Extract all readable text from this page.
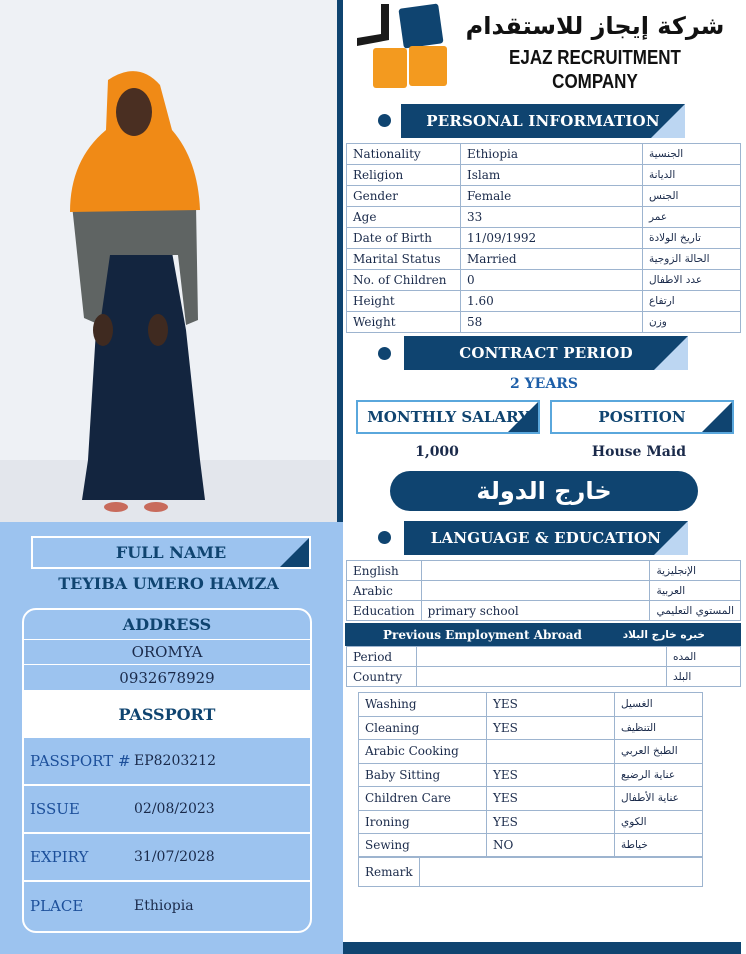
FULL NAME
TEYIBA UMERO HAMZA
ADDRESS
OROMYA
0932678929
PASSPORT
PASSPORT # EP8203212
ISSUE	02/08/2023
EXPIRY	31/07/2028
PLACE	Ethiopia
شركة إيجاز للاستقدام
EJAZ RECRUITMENT COMPANY
PERSONAL INFORMATION
Nationality	Ethiopia	الجنسية
Religion	Islam	الديانة
Gender	Female	الجنس
Age	33	عمر
Date of Birth	11/09/1992	تاريخ الولادة
Marital Status	Married	الحالة الزوجية
No. of Children	0	عدد الاطفال
Height	1.60	ارتفاع
Weight	58	وزن
CONTRACT PERIOD
2 YEARS
MONTHLY SALARY	POSITION
1,000	House Maid
خارج الدولة
LANGUAGE & EDUCATION
English		الإنجليزية
Arabic		العربية
Education	primary school	المستوي التعليمي
Previous Employment Abroad	خبره خارج البلاد
Period		المده
Country		البلد
Washing	YES	الغسيل
Cleaning	YES	التنظيف
Arabic Cooking		الطبخ العربي
Baby Sitting	YES	عناية الرضيع
Children Care	YES	عناية الأطفال
Ironing	YES	الكوي
Sewing	NO	خياطة
Remark	
